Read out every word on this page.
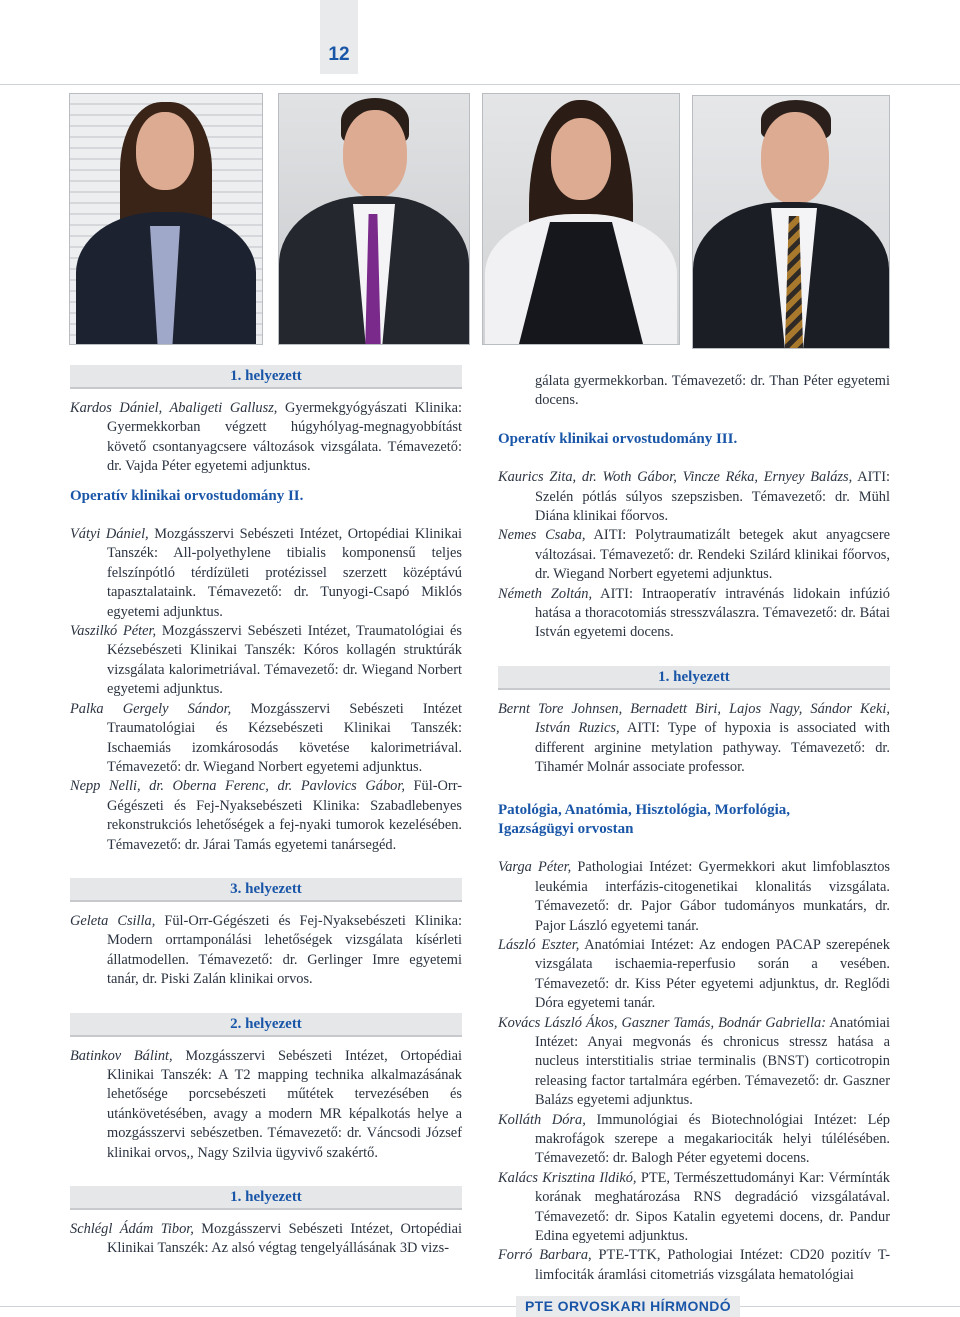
12
1. helyezett

Kardos Dániel, Abaligeti Gallusz, Gyermekgyógyászati Klinika: Gyermekkorban végzett húgyhólyag-megnagyobbítást követő csontanyagcsere változások vizsgálata. Témavezető: dr. Vajda Péter egyetemi adjunktus.

Operatív klinikai orvostudomány II.

Vátyi Dániel, Mozgásszervi Sebészeti Intézet, Ortopédiai Klinikai Tanszék: All-polyethylene tibialis komponensű teljes felszínpótló térdízületi protézissel szerzett középtávú tapasztalataink. Témavezető: dr. Tunyogi-Csapó Miklós egyetemi adjunktus.

Vaszilkó Péter, Mozgásszervi Sebészeti Intézet, Traumatológiai és Kézsebészeti Klinikai Tanszék: Kóros kollagén struktúrák vizsgálata kalorimetriával. Témavezető: dr. Wiegand Norbert egyetemi adjunktus.

Palka Gergely Sándor, Mozgásszervi Sebészeti Intézet Traumatológiai és Kézsebészeti Klinikai Tanszék: Ischaemiás izomkárosodás követése kalorimetriával. Témavezető: dr. Wiegand Norbert egyetemi adjunktus.

Nepp Nelli, dr. Oberna Ferenc, dr. Pavlovics Gábor, Fül-Orr-Gégészeti és Fej-Nyaksebészeti Klinika: Szabadlebenyes rekonstrukciós lehetőségek a fej-nyaki tumorok kezelésében. Témavezető: dr. Járai Tamás egyetemi tanársegéd.

3. helyezett

Geleta Csilla, Fül-Orr-Gégészeti és Fej-Nyaksebészeti Klinika: Modern orrtamponálási lehetőségek vizsgálata kísérleti állatmodellen. Témavezető: dr. Gerlinger Imre egyetemi tanár, dr. Piski Zalán klinikai orvos.

2. helyezett

Batinkov Bálint, Mozgásszervi Sebészeti Intézet, Ortopédiai Klinikai Tanszék: A T2 mapping technika alkalmazásának lehetősége porcsebészeti műtétek tervezésében és utánkövetésében, avagy a modern MR képalkotás helye a mozgásszervi sebészetben. Témavezető: dr. Váncsodi József klinikai orvos,, Nagy Szilvia ügyvivő szakértő.

1. helyezett

Schlégl Ádám Tibor, Mozgásszervi Sebészeti Intézet, Ortopédiai Klinikai Tanszék: Az alsó végtag tengelyállásának 3D vizs-

gálata gyermekkorban. Témavezető: dr. Than Péter egyetemi docens.

Operatív klinikai orvostudomány III.

Kaurics Zita, dr. Woth Gábor, Vincze Réka, Ernyey Balázs, AITI: Szelén pótlás súlyos szepszisben. Témavezető: dr. Mühl Diána klinikai főorvos.

Nemes Csaba, AITI: Polytraumatizált betegek akut anyagcsere változásai. Témavezető: dr. Rendeki Szilárd klinikai főorvos, dr. Wiegand Norbert egyetemi adjunktus.

Németh Zoltán, AITI: Intraoperatív intravénás lidokain infúzió hatása a thoracotomiás stresszválaszra. Témavezető: dr. Bátai István egyetemi docens.

1. helyezett

Bernt Tore Johnsen, Bernadett Biri, Lajos Nagy, Sándor Keki, István Ruzics, AITI: Type of hypoxia is associated with different arginine metylation pathyway. Témavezető: dr. Tihamér Molnár associate professor.

Patológia, Anatómia, Hisztológia, Morfológia,
Igazságügyi orvostan

Varga Péter, Pathologiai Intézet: Gyermekkori akut limfoblasztos leukémia interfázis-citogenetikai klonalitás vizsgálata. Témavezető: dr. Pajor Gábor tudományos munkatárs, dr. Pajor László egyetemi tanár.

László Eszter, Anatómiai Intézet: Az endogen PACAP szerepének vizsgálata ischaemia-reperfusio során a vesében. Témavezető: dr. Kiss Péter egyetemi adjunktus, dr. Reglődi Dóra egyetemi tanár.

Kovács László Ákos, Gaszner Tamás, Bodnár Gabriella: Anatómiai Intézet: Anyai megvonás és chronicus stressz hatása a nucleus interstitialis striae terminalis (BNST) corticotropin releasing factor tartalmára egérben. Témavezető: dr. Gaszner Balázs egyetemi adjunktus.

Kolláth Dóra, Immunológiai és Biotechnológiai Intézet: Lép makrofágok szerepe a megakariociták helyi túlélésében. Témavezető: dr. Balogh Péter egyetemi docens.

Kalács Krisztina Ildikó, PTE, Természettudományi Kar: Vérmínták korának meghatározása RNS degradáció vizsgálatával. Témavezető: dr. Sipos Katalin egyetemi docens, dr. Pandur Edina egyetemi adjunktus.

Forró Barbara, PTE-TTK, Pathologiai Intézet: CD20 pozitív T-limfociták áramlási citometriás vizsgálata hematológiai

PTE ORVOSKARI HÍRMONDÓ
